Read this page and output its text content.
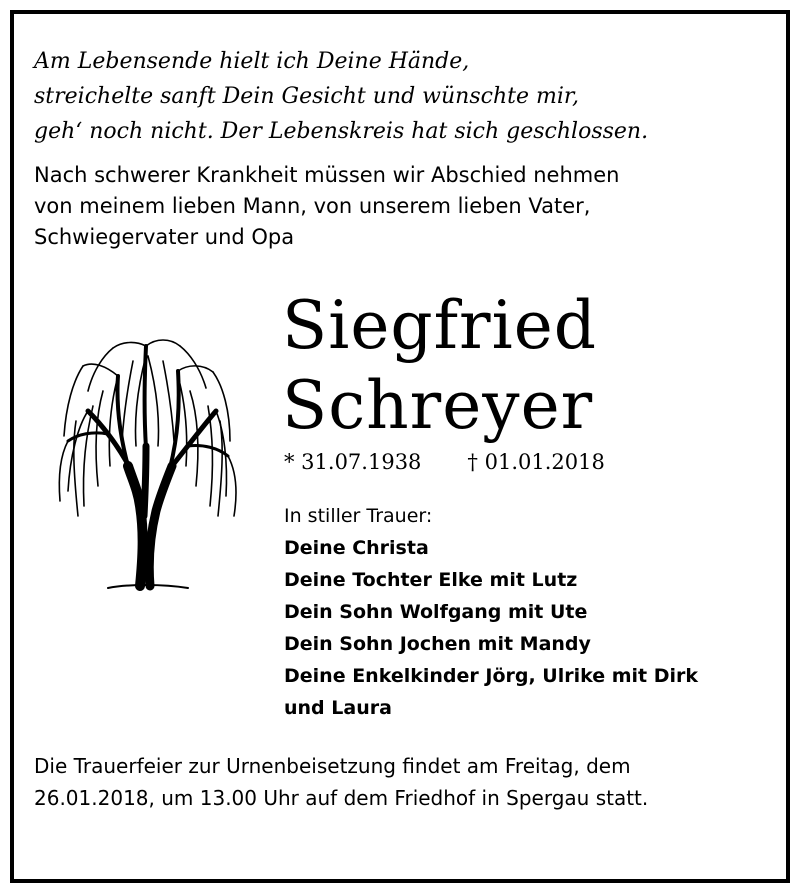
Am Lebensende hielt ich Deine Hände,
streichelte sanft Dein Gesicht und wünschte mir,
geh‘ noch nicht. Der Lebenskreis hat sich geschlossen.
Nach schwerer Krankheit müssen wir Abschied nehmen
von meinem lieben Mann, von unserem lieben Vater,
Schwiegervater und Opa
Siegfried
Schreyer
* 31.07.1938 † 01.01.2018
In stiller Trauer:
Deine Christa
Deine Tochter Elke mit Lutz
Dein Sohn Wolfgang mit Ute
Dein Sohn Jochen mit Mandy
Deine Enkelkinder Jörg, Ulrike mit Dirk
und Laura
Die Trauerfeier zur Urnenbeisetzung findet am Freitag, dem
26.01.2018, um 13.00 Uhr auf dem Friedhof in Spergau statt.
